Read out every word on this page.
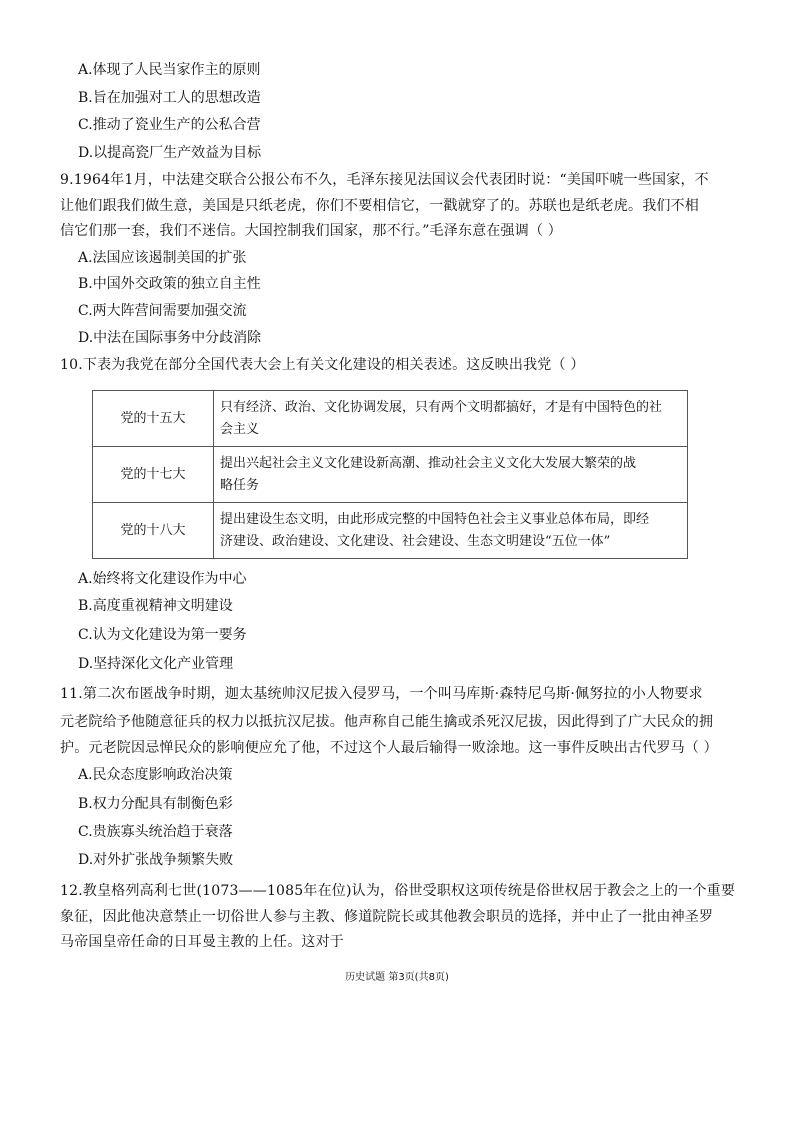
A.体现了人民当家作主的原则
B.旨在加强对工人的思想改造
C.推动了瓷业生产的公私合营
D.以提高瓷厂生产效益为目标
9.1964年1月，中法建交联合公报公布不久，毛泽东接见法国议会代表团时说：“美国吓唬一些国家，不
让他们跟我们做生意，美国是只纸老虎，你们不要相信它，一戳就穿了的。苏联也是纸老虎。我们不相
信它们那一套，我们不迷信。大国控制我们国家，那不行。”毛泽东意在强调（ ）
A.法国应该遏制美国的扩张
B.中国外交政策的独立自主性
C.两大阵营间需要加强交流
D.中法在国际事务中分歧消除
10.下表为我党在部分全国代表大会上有关文化建设的相关表述。这反映出我党（ ）
党的十五大	只有经济、政治、文化协调发展，只有两个文明都搞好，才是有中国特色的社
会主义

党的十七大	提出兴起社会主义文化建设新高潮、推动社会主义文化大发展大繁荣的战
略任务

党的十八大	提出建设生态文明，由此形成完整的中国特色社会主义事业总体布局，即经
济建设、政治建设、文化建设、社会建设、生态文明建设“五位一体”
A.始终将文化建设作为中心
B.高度重视精神文明建设
C.认为文化建设为第一要务
D.坚持深化文化产业管理
11.第二次布匿战争时期，迦太基统帅汉尼拔入侵罗马，一个叫马库斯·森特尼乌斯·佩努拉的小人物要求
元老院给予他随意征兵的权力以抵抗汉尼拔。他声称自己能生擒或杀死汉尼拔，因此得到了广大民众的拥
护。元老院因忌惮民众的影响便应允了他，不过这个人最后输得一败涂地。这一事件反映出古代罗马（ ）
A.民众态度影响政治决策
B.权力分配具有制衡色彩
C.贵族寡头统治趋于衰落
D.对外扩张战争频繁失败
12.教皇格列高利七世(1073——1085年在位)认为，俗世受职权这项传统是俗世权居于教会之上的一个重要
象征，因此他决意禁止一切俗世人参与主教、修道院院长或其他教会职员的选择，并中止了一批由神圣罗
马帝国皇帝任命的日耳曼主教的上任。这对于
历史试题 第3页(共8页)
